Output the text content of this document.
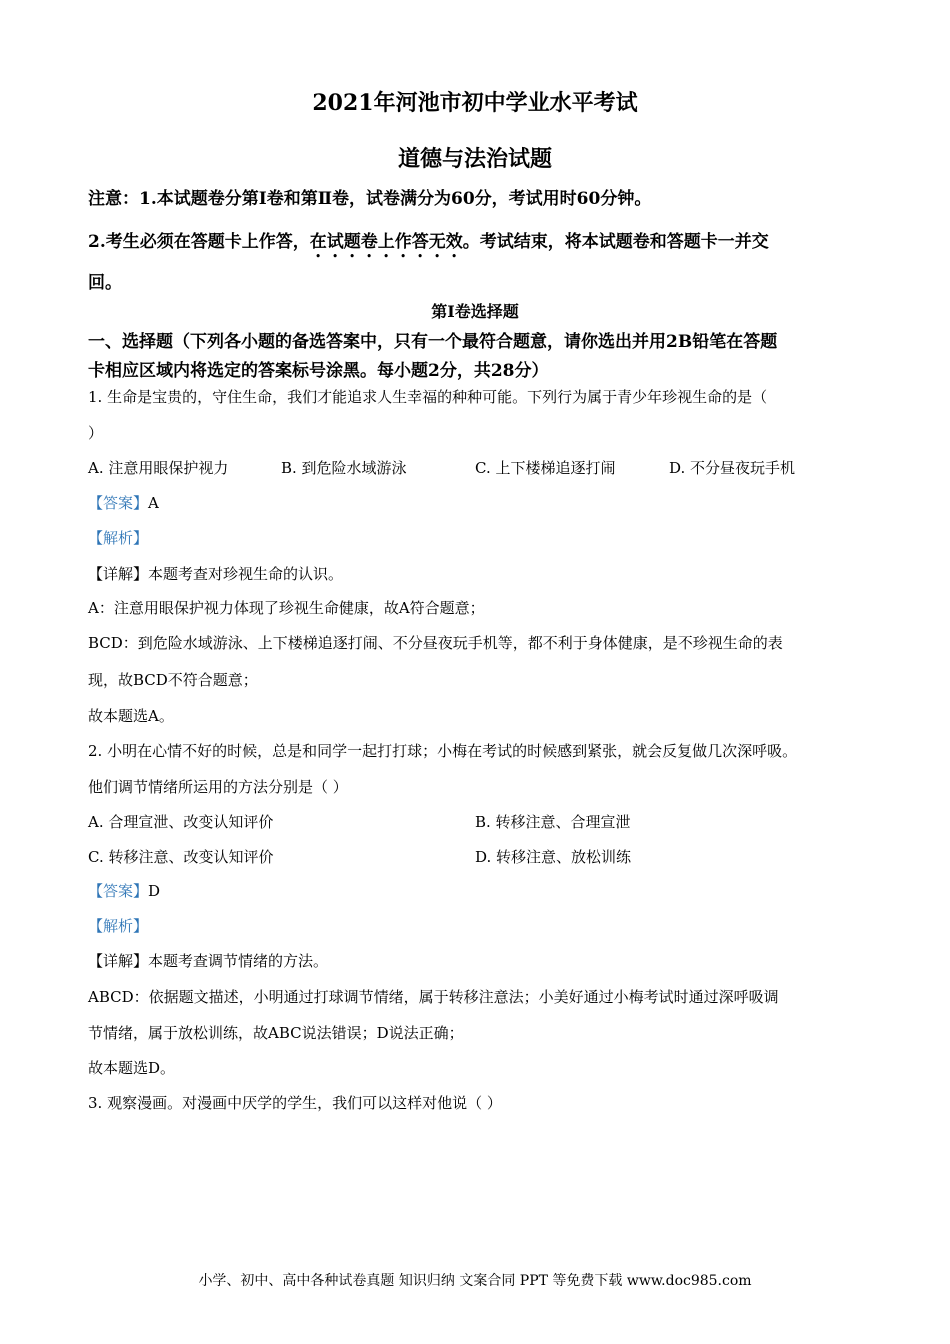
2021年河池市初中学业水平考试
道德与法治试题
注意：1.本试题卷分第Ⅰ卷和第Ⅱ卷，试卷满分为60分，考试用时60分钟。
2.考生必须在答题卡上作答，在试题卷上作答无效。考试结束，将本试题卷和答题卡一并交
回。
第Ⅰ卷选择题
一、选择题（下列各小题的备选答案中，只有一个最符合题意，请你选出并用2B铅笔在答题
卡相应区域内将选定的答案标号涂黑。每小题2分，共28分）
1. 生命是宝贵的，守住生命，我们才能追求人生幸福的种种可能。下列行为属于青少年珍视生命的是（
）
A. 注意用眼保护视力	B. 到危险水域游泳	C. 上下楼梯追逐打闹	D. 不分昼夜玩手机
【答案】A
【解析】
【详解】本题考查对珍视生命的认识。
A：注意用眼保护视力体现了珍视生命健康，故A符合题意；
BCD：到危险水域游泳、上下楼梯追逐打闹、不分昼夜玩手机等，都不利于身体健康，是不珍视生命的表
现，故BCD不符合题意；
故本题选A。
2. 小明在心情不好的时候，总是和同学一起打打球；小梅在考试的时候感到紧张，就会反复做几次深呼吸。
他们调节情绪所运用的方法分别是（ ）
A. 合理宣泄、改变认知评价	B. 转移注意、合理宣泄
C. 转移注意、改变认知评价	D. 转移注意、放松训练
【答案】D
【解析】
【详解】本题考查调节情绪的方法。
ABCD：依据题文描述，小明通过打球调节情绪，属于转移注意法；小美好通过小梅考试时通过深呼吸调
节情绪，属于放松训练，故ABC说法错误；D说法正确；
故本题选D。
3. 观察漫画。对漫画中厌学的学生，我们可以这样对他说（ ）
小学、初中、高中各种试卷真题 知识归纳 文案合同 PPT 等免费下载 www.doc985.com
